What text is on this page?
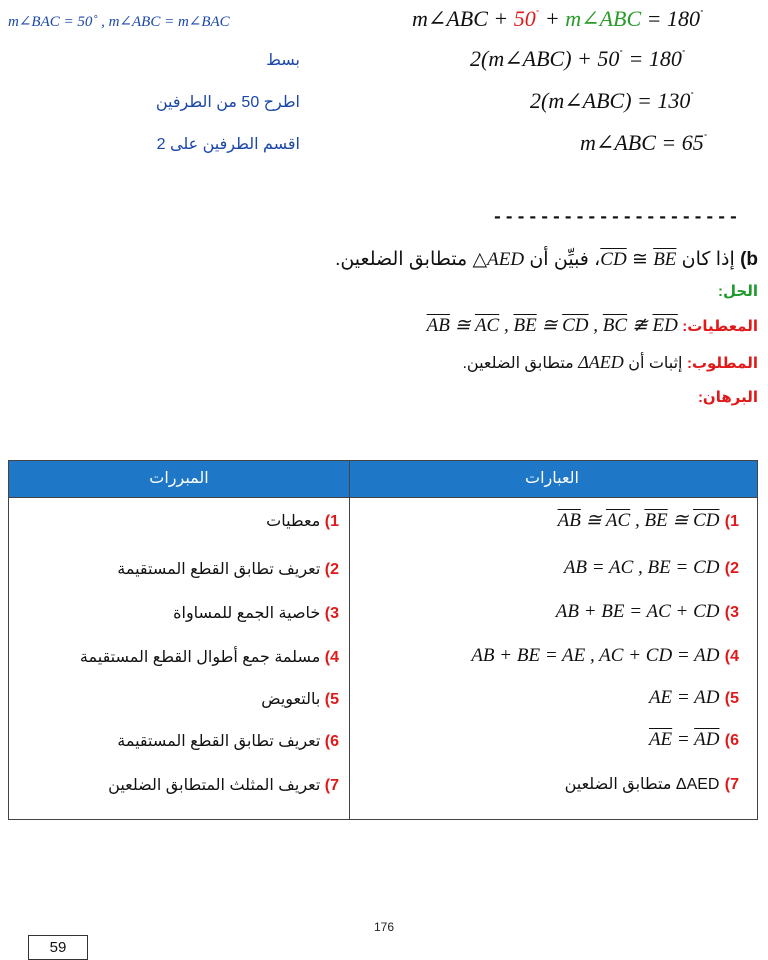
m∠BAC = 50˚ , m∠ABC = m∠BAC	m∠ABC + 50˚ + m∠ABC = 180˚
بسط	2(m∠ABC) + 50˚ = 180˚
اطرح 50 من الطرفين	2(m∠ABC) = 130˚
اقسم الطرفين على 2	m∠ABC = 65˚
---------------------
b) إذا كان CD ≅ BE، فبيِّن أن AED△ متطابق الضلعين.
الحل:
المعطيات: $\overline{AB}$ ≅ $\overline{AC}$ , $\overline{BE}$ ≅ $\overline{CD}$ , $\overline{BC}$ ≇ $\overline{ED}$
المطلوب: إثبات أن ΔAED متطابق الضلعين.
البرهان:
العبارات
المبررات
1) $\overline{AB}$ ≅ $\overline{AC}$ , $\overline{BE}$ ≅ $\overline{CD}$
1) معطيات
2) AB = AC , BE = CD
2) تعريف تطابق القطع المستقيمة
3) AB + BE = AC + CD
3) خاصية الجمع للمساواة
4) AB + BE = AE , AC + CD = AD
4) مسلمة جمع أطوال القطع المستقيمة
5) AE = AD
5) بالتعويض
6) $\overline{AE} = \overline{AD}$
6) تعريف تطابق القطع المستقيمة
7) ΔAED متطابق الضلعين
7) تعريف المثلث المتطابق الضلعين
176
59
